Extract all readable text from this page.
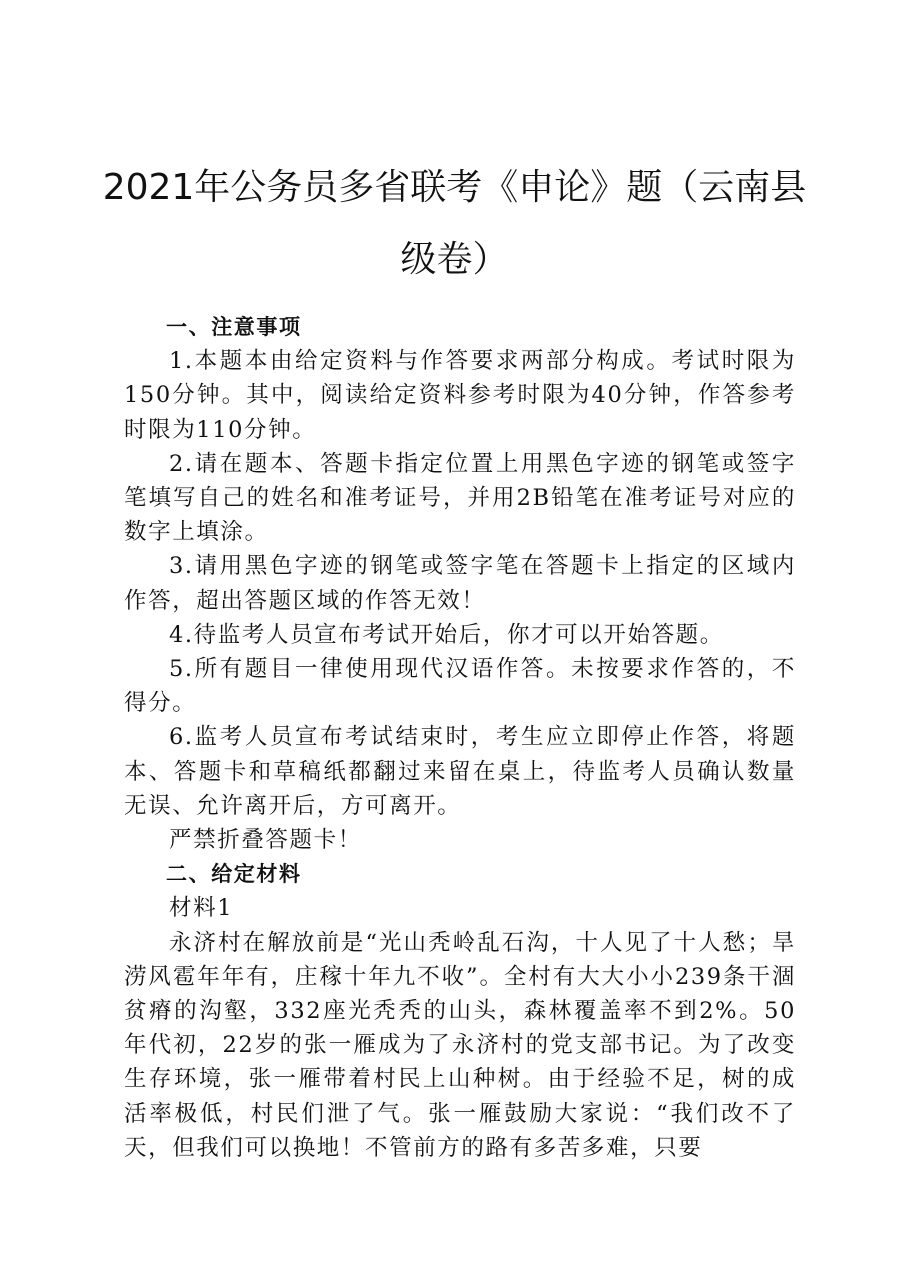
2021年公务员多省联考《申论》题（云南县级卷）

一、注意事项

1.本题本由给定资料与作答要求两部分构成。考试时限为150分钟。其中，阅读给定资料参考时限为40分钟，作答参考时限为110分钟。

2.请在题本、答题卡指定位置上用黑色字迹的钢笔或签字笔填写自己的姓名和准考证号，并用2B铅笔在准考证号对应的数字上填涂。

3.请用黑色字迹的钢笔或签字笔在答题卡上指定的区域内作答，超出答题区域的作答无效！

4.待监考人员宣布考试开始后，你才可以开始答题。

5.所有题目一律使用现代汉语作答。未按要求作答的，不得分。

6.监考人员宣布考试结束时，考生应立即停止作答，将题本、答题卡和草稿纸都翻过来留在桌上，待监考人员确认数量无误、允许离开后，方可离开。

严禁折叠答题卡！

二、给定材料

材料1

永济村在解放前是“光山秃岭乱石沟，十人见了十人愁；旱涝风雹年年有，庄稼十年九不收”。全村有大大小小239条干涸贫瘠的沟壑，332座光秃秃的山头，森林覆盖率不到2%。50年代初，22岁的张一雁成为了永济村的党支部书记。为了改变生存环境，张一雁带着村民上山种树。由于经验不足，树的成活率极低，村民们泄了气。张一雁鼓励大家说：“我们改不了天，但我们可以换地！不管前方的路有多苦多难，只要
